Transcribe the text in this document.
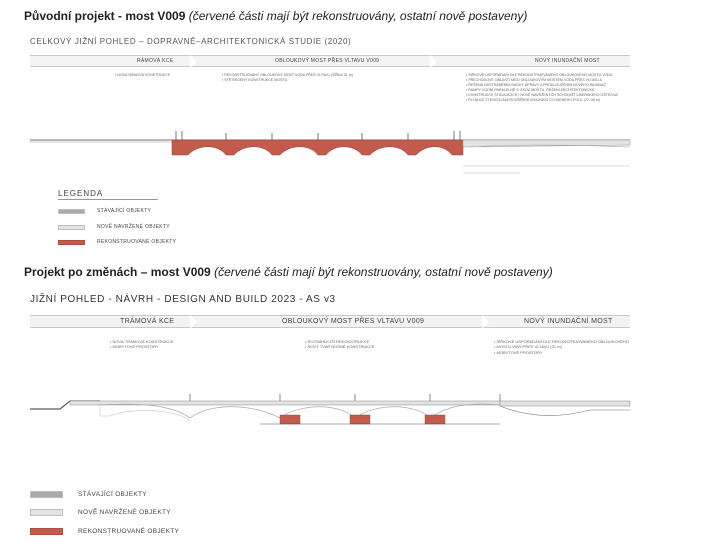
Původní projekt - most V009 (červené části mají být rekonstruovány, ostatní nově postaveny)
CELKOVÝ JIŽNÍ POHLED – DOPRAVNĚ–ARCHITEKTONICKÁ STUDIE (2020)
RÁMOVÁ KCE	OBLOUKOVÝ MOST PŘES VLTAVU V009	NOVÝ INUNDAČNÍ MOST
• NOVÁ RÁMOVÁ KONSTRUKCE
•	REKONSTRUOVANÝ OBLOUKOVÝ MOST VODA PŘES VLTAVU (ŠÍŘKA 31 m)
• STĚ REDENÝ KONSTRUKCE MOSTU
• ŠÍŘKOVĚ USPOŘÁDÁNÍ DLE REKONSTRUOVANÉHO OBLOUKOVÉHO MOSTU VODA
• PŘECHODOVÉ OBLASTI MEZI OBLOUKOVÝM MOSTEM VODA PŘES VLTAVU A
• ŘEŠENA ODSTRANĚNÍM BUDKY ÚPRAVY A PRODLOUŽENÍM NOVÉHO INUNDAČ
• RAMPY VODNÍ PARALELNĚ S OSOU MOSTU, ŘEŠENÍ ARCHITEKTONICKÉ
• KONSTRUKCE STÁVAJÍCÍCH I NOVĚ NAVRŽENÝCH SCHODIŠŤ LIBEŇSKÉHO OSTROVA
• PLYNULÉ ZTENČOVÁNÍ ROZŠÍŘENÍ KRAJNÍHO VYOSENÉHO POLE (27–35 m)
LEGENDA
STÁVAJÍCÍ OBJEKTY
NOVĚ NAVRŽENÉ OBJEKTY
REKONSTRUOVANÉ OBJEKTY
Projekt po změnách – most V009 (červené části mají být rekonstruovány, ostatní nově postaveny)
JIŽNÍ POHLED - NÁVRH - DESIGN AND BUILD 2023 - AS v3
TRÁMOVÁ KCE	OBLOUKOVÝ MOST PŘES VLTAVU V009	NOVÝ INUNDAČNÍ MOST
• NOVÁ TRÁMOVÁ KONSTRUKCE
• MOBYTOVÉ PROSTORY
• ROZSÁHLEJŠÍ REKONSTRUKCE
• NOVÝ TVAR NOSNÉ KONSTRUKCE
• ŠÍŘKOVÉ USPOŘÁDÁNÍ DLE REKONSTRUOVANÉHO OBLOUKOVÉHO
• MOSTU V009 PŘES VLTAVU (31 m)
• MOBYTOVÉ PROSTORY
STÁVAJÍCÍ OBJEKTY
NOVĚ NAVRŽENÉ OBJEKTY
REKONSTRUOVANÉ OBJEKTY
